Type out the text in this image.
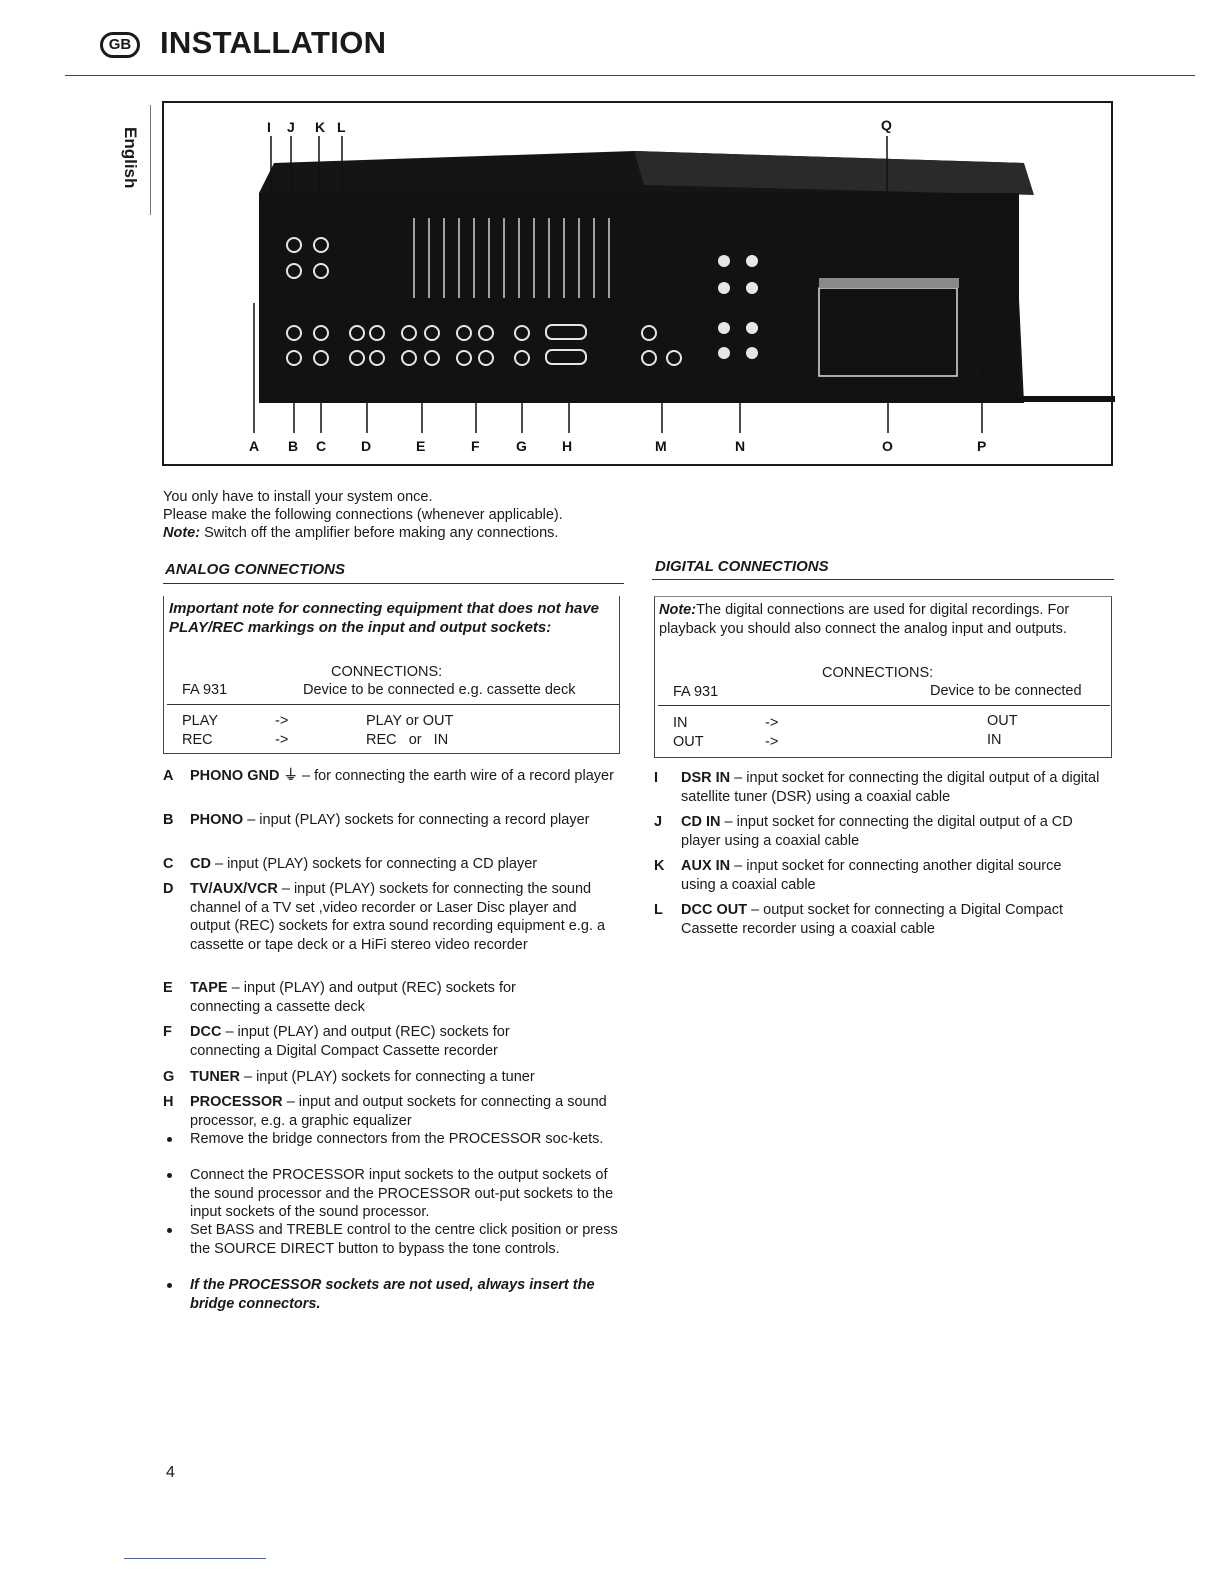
GB INSTALLATION
English	I J K L	Q
A B C D	E	F	G	H	M	N	O	P
You only have to install your system once.
Please make the following connections (whenever applicable).
Note: Switch off the amplifier before making any connections.
ANALOG CONNECTIONS
Important note for connecting equipment that does not have PLAY/REC markings on the input and output sockets:
CONNECTIONS:
FA 931	Device to be connected e.g. cassette deck
PLAY	->	PLAY or OUT
REC	->	REC   or   IN
A PHONO GND ⏚ – for connecting the earth wire of a record player
B PHONO – input (PLAY) sockets for connecting a record player
C CD – input (PLAY) sockets for connecting a CD player
D TV/AUX/VCR – input (PLAY) sockets for connecting the sound channel of a TV set ,video recorder or Laser Disc player and output (REC) sockets for extra sound recording equipment e.g. a cassette or tape deck or a HiFi stereo video recorder
E TAPE – input (PLAY) and output (REC) sockets for connecting a cassette deck
F DCC – input (PLAY) and output (REC) sockets for connecting a Digital Compact Cassette recorder
G TUNER – input (PLAY) sockets for connecting a tuner
H PROCESSOR – input and output sockets for connecting a sound processor, e.g. a graphic equalizer
Remove the bridge connectors from the PROCESSOR soc-kets.
Connect the PROCESSOR input sockets to the output sockets of the sound processor and the PROCESSOR out-put sockets to the input sockets of the sound processor.
Set BASS and TREBLE control to the centre click position or press the SOURCE DIRECT button to bypass the tone controls.
If the PROCESSOR sockets are not used, always insert the bridge connectors.
DIGITAL CONNECTIONS
Note:The digital connections are used for digital recordings. For playback you should also connect the analog input and outputs.
CONNECTIONS:
FA 931	Device to be connected
IN	->	OUT
OUT	->	IN
I DSR IN – input socket for connecting the digital output of a digital satellite tuner (DSR) using a coaxial cable
J CD IN – input socket for connecting the digital output of a CD player using a coaxial cable
K AUX IN – input socket for connecting another digital source using a coaxial cable
L DCC OUT – output socket for connecting a Digital Compact Cassette recorder using a coaxial cable
4
